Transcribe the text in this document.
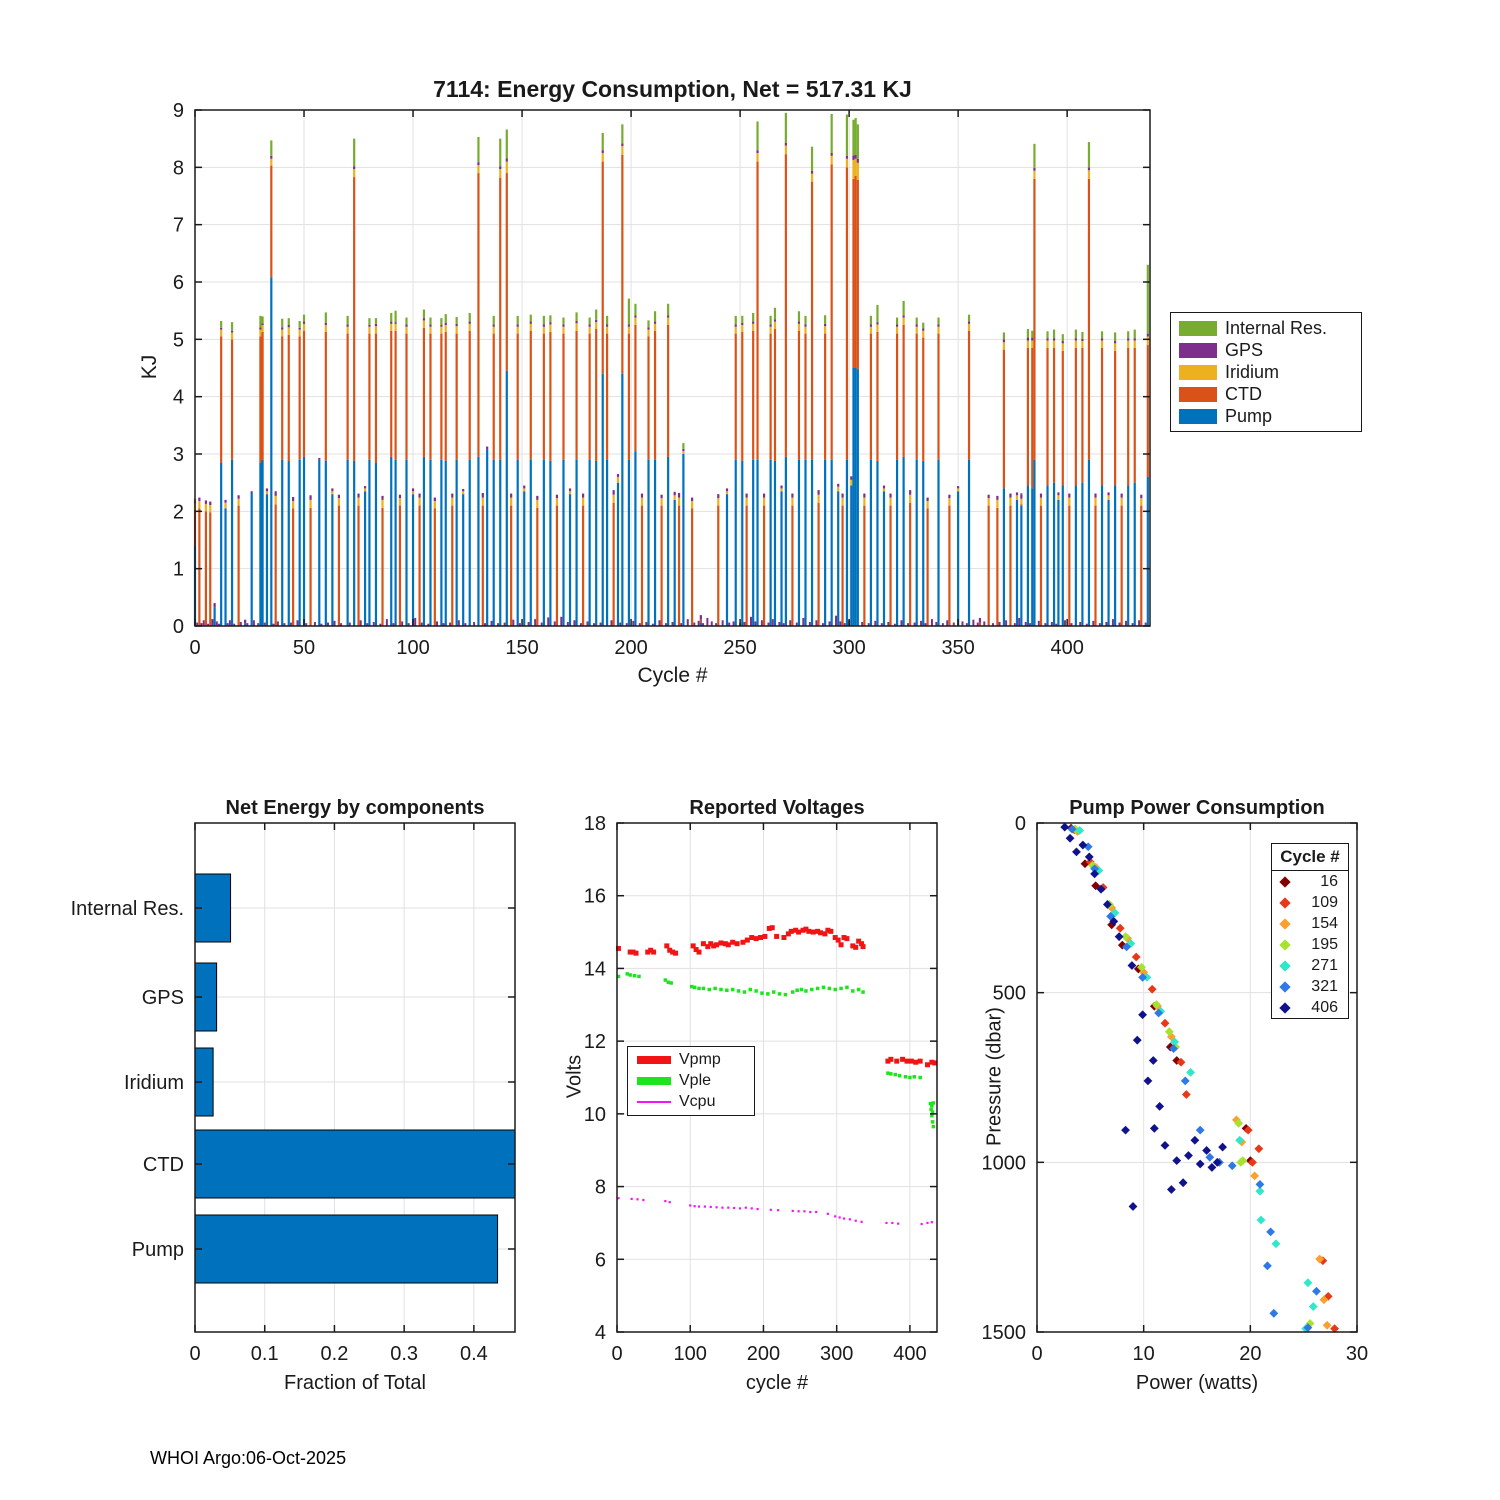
0	50	100	150	200	250	300	350	400
0
1
2
3
4
5
6
7
8
9
0	0.1 0.2 0.3 0.4
Internal Res.
GPS
Iridium
CTD
Pump
0	100 200 300 400
4
6
8
10
12
14
16
18
0	10	20	30
0
500
1000
1500
7114: Energy Consumption, Net = 517.31 KJ
Cycle #
KJ
Net Energy by components
Fraction of Total
Reported Voltages
cycle #
Volts
Pump Power Consumption
Power (watts)
Pressure (dbar)
Internal Res.
GPS
Iridium
CTD
Pump
Vpmp
Vple
Vcpu
Cycle #
16
109
154
195
271
321
406
WHOI Argo:06-Oct-2025
